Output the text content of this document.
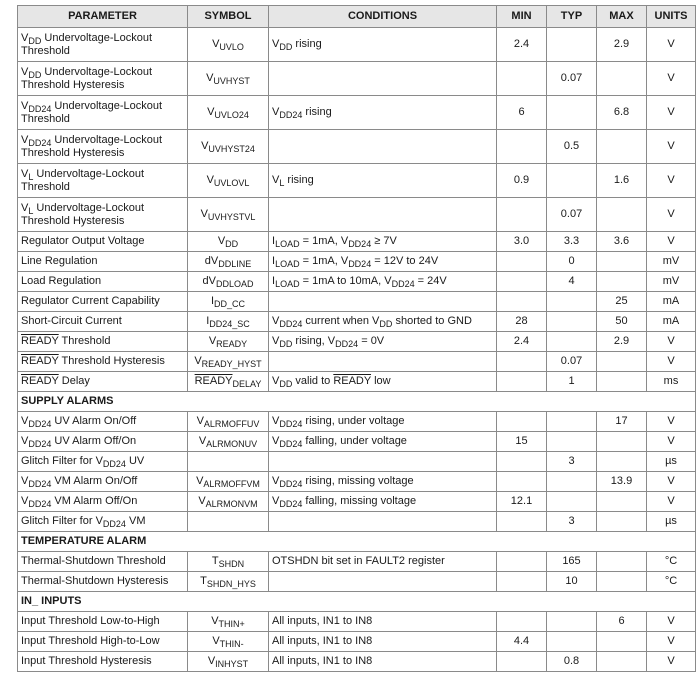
PARAMETER	SYMBOL	CONDITIONS	MIN	TYP	MAX	UNITS
$V_{DD}$ Undervoltage-Lockout Threshold	$V_{UVLO}$	$V_{DD}$ rising	2.4		2.9	V
$V_{DD}$ Undervoltage-Lockout Threshold Hysteresis	$V_{UVHYST}$			0.07		V
$V_{DD24}$ Undervoltage-Lockout Threshold	$V_{UVLO24}$	$V_{DD24}$ rising	6		6.8	V
$V_{DD24}$ Undervoltage-Lockout Threshold Hysteresis	$V_{UVHYST24}$			0.5		V
$V_L$ Undervoltage-Lockout Threshold	$V_{UVLOVL}$	$V_L$ rising	0.9		1.6	V
$V_L$ Undervoltage-Lockout Threshold Hysteresis	$V_{UVHYSTVL}$			0.07		V
Regulator Output Voltage	$V_{DD}$	$I_{LOAD} = 1mA$, $V_{DD24} \ge 7V$	3.0	3.3	3.6	V
Line Regulation	$dV_{DDLINE}$	$I_{LOAD} = 1mA$, $V_{DD24} = 12V$ to 24V		0		mV
Load Regulation	$dV_{DDLOAD}$	$I_{LOAD} = 1mA$ to 10mA, $V_{DD24} = 24V$		4		mV
Regulator Current Capability	$I_{DD\_CC}$				25	mA
Short-Circuit Current	$I_{DD24\_SC}$	$V_{DD24}$ current when $V_{DD}$ shorted to GND	28		50	mA
READY Threshold	$V_{READY}$	$V_{DD}$ rising, $V_{DD24} = 0V$	2.4		2.9	V
READY Threshold Hysteresis	$V_{READY\_HYST}$			0.07		V
READY Delay	$READY_{DELAY}$	$V_{DD}$ valid to READY low		1		ms
SUPPLY ALARMS						
$V_{DD24}$ UV Alarm On/Off	$V_{ALRMOFFUV}$	$V_{DD24}$ rising, under voltage			17	V
$V_{DD24}$ UV Alarm Off/On	$V_{ALRMONUV}$	$V_{DD24}$ falling, under voltage	15			V
Glitch Filter for $V_{DD24}$ UV				3		µs
$V_{DD24}$ VM Alarm On/Off	$V_{ALRMOFFVM}$	$V_{DD24}$ rising, missing voltage			13.9	V
$V_{DD24}$ VM Alarm Off/On	$V_{ALRMONVM}$	$V_{DD24}$ falling, missing voltage	12.1			V
Glitch Filter for $V_{DD24}$ VM				3		µs
TEMPERATURE ALARM						
Thermal-Shutdown Threshold	$T_{SHDN}$	OTSHDN bit set in FAULT2 register		165		°C
Thermal-Shutdown Hysteresis	$T_{SHDN\_HYS}$			10		°C
IN_ INPUTS						
Input Threshold Low-to-High	$V_{THIN+}$	All inputs, IN1 to IN8			6	V
Input Threshold High-to-Low	$V_{THIN-}$	All inputs, IN1 to IN8	4.4			V
Input Threshold Hysteresis	$V_{INHYST}$	All inputs, IN1 to IN8		0.8		V
